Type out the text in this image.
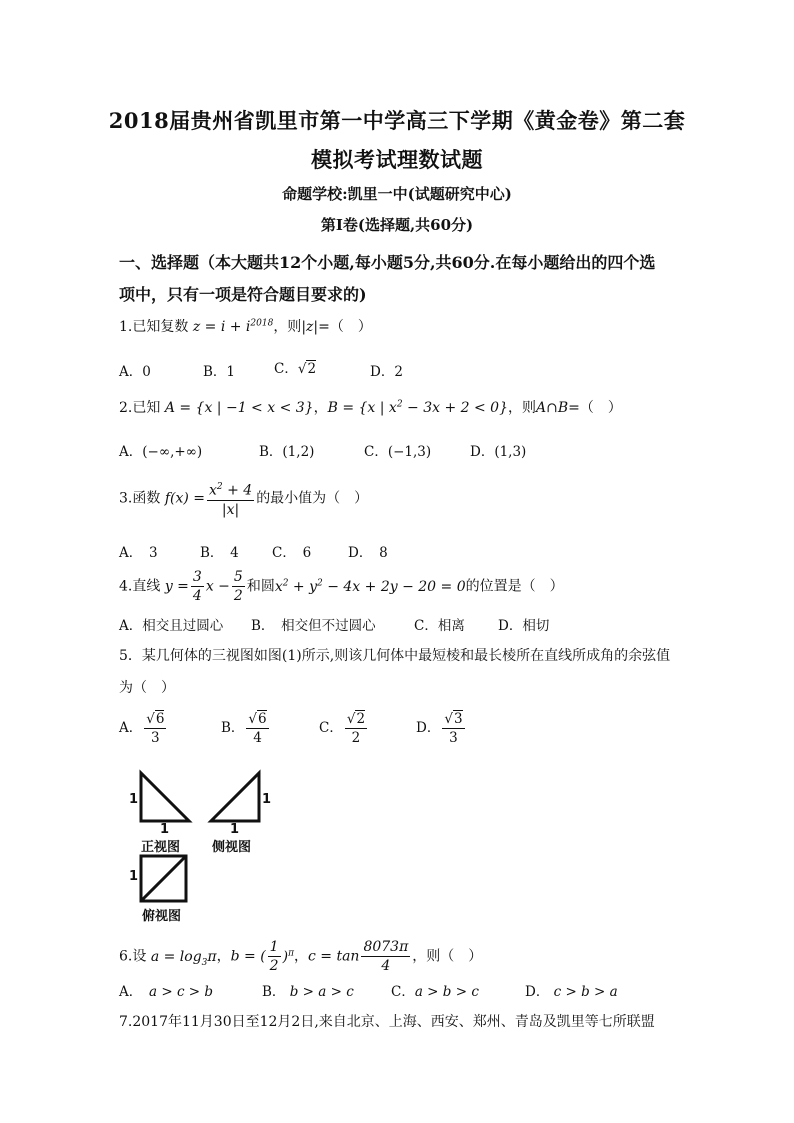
2018届贵州省凯里市第一中学高三下学期《黄金卷》第二套
模拟考试理数试题
命题学校:凯里一中(试题研究中心)
第I卷(选择题,共60分)
一、选择题（本大题共12个小题,每小题5分,共60分.在每小题给出的四个选
项中，只有一项是符合题目要求的)
1.已知复数 $z = i + i^{2018}$，则|z|=（　）
A．0	B．1	C．√2	D．2
2.已知 A = {x | −1 < x < 3}，B = {x | $x^2 - 3x + 2 < 0$}，则A∩B=（　）
A．(−∞,+∞)	B．(1,2)	C．(−1,3)	D．(1,3)
3.函数 $f(x) = \frac{x^2 + 4}{|x|}$ 的最小值为（　）
A．　3	B．　4 C．　6	D．　8
4.直线 $y = \frac{3}{4}$ $x - \frac{5}{2}$ 和圆$x^2 + y^2 - 4x + 2y - 20 = 0$的位置是（　）
A．相交且过圆心 B．　相交但不过圆心	C．相离 D．相切
5．某几何体的三视图如图(1)所示,则该几何体中最短棱和最长棱所在直线所成角的余弦值
为（　）
A． $\frac{√6}{3}$	B． $\frac{√6}{4}$	C． $\frac{√2}{2}$	D． $\frac{√3}{3}$
1
1
1
1
正视图 侧视图
1
俯视图
6.设 $a = \log_3\pi$，b = ( $\frac{1}{2} )^\pi$，$c = \tan \frac{8073\pi}{4}$ ，则（　）
A．　a > c > b	B． b > a > c	C．a > b > c	D． c > b > a
7.2017年11月30日至12月2日,来自北京、上海、西安、郑州、青岛及凯里等七所联盟
